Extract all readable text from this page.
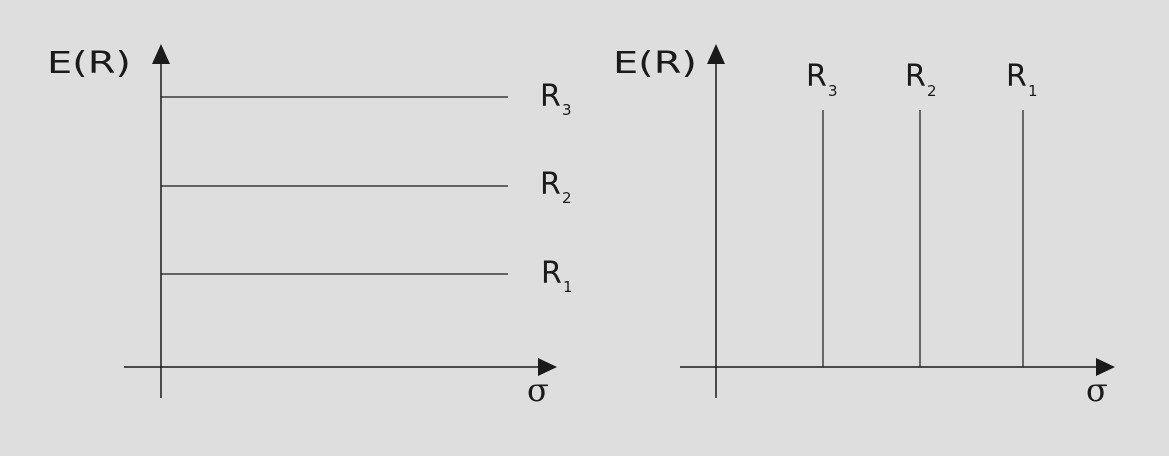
E(R)
σ
R 3
R 2
R 1
E(R)
σ
R 3 R 2 R 1
